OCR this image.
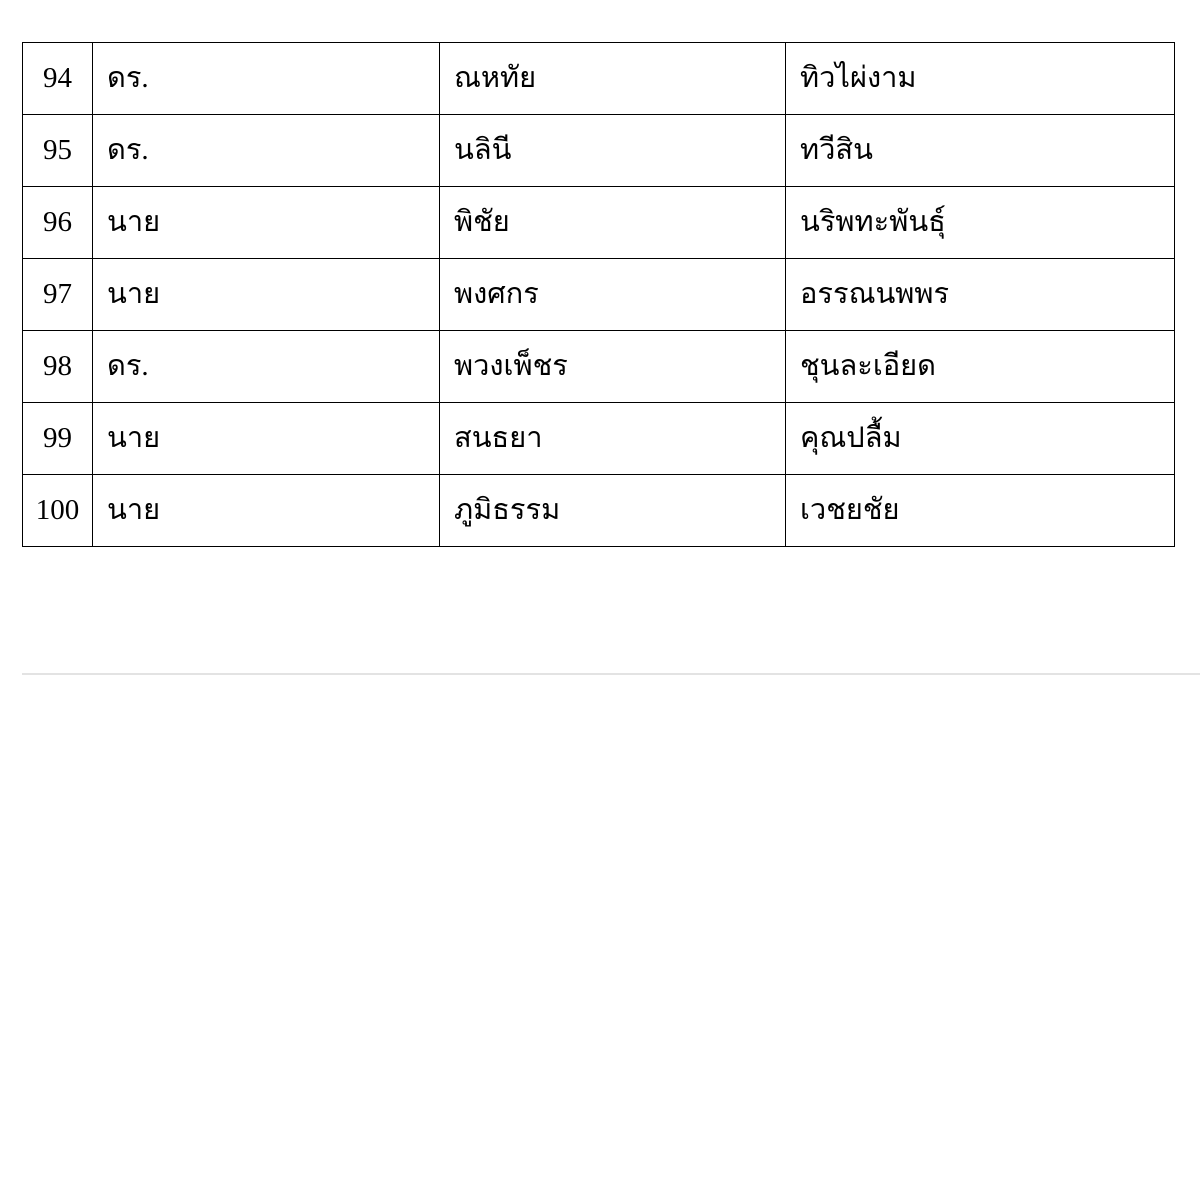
94	ดร.	ณหทัย	ทิวไผ่งาม
95	ดร.	นลินี	ทวีสิน
96	นาย	พิชัย	นริพทะพันธุ์
97	นาย	พงศกร	อรรณนพพร
98	ดร.	พวงเพ็ชร	ชุนละเอียด
99	นาย	สนธยา	คุณปลื้ม
100	นาย	ภูมิธรรม	เวชยชัย
